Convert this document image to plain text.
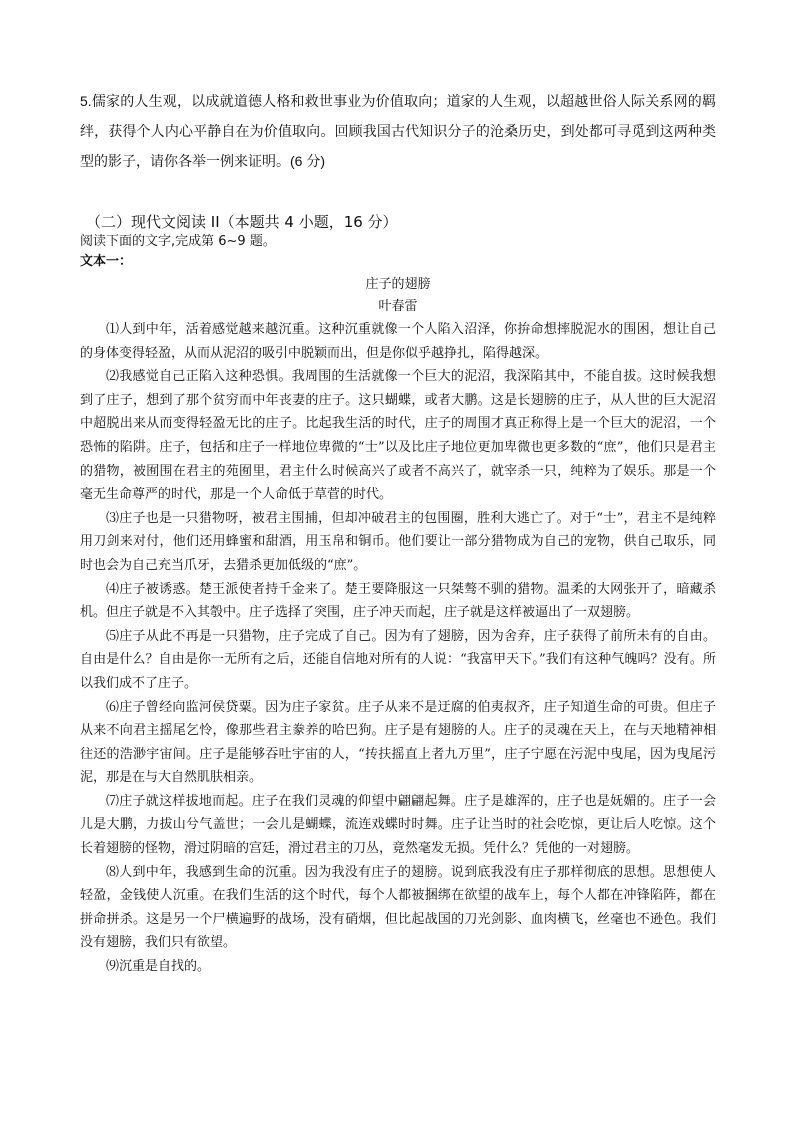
5.儒家的人生观，以成就道德人格和救世事业为价值取向；道家的人生观，以超越世俗人际关系网的羁绊，获得个人内心平静自在为价值取向。回顾我国古代知识分子的沧桑历史，到处都可寻觅到这两种类型的影子，请你各举一例来证明。(6 分)

（二）现代文阅读 II（本题共 4 小题，16 分）

阅读下面的文字,完成第 6~9 题。

文本一：

庄子的翅膀

叶春雷

⑴人到中年，活着感觉越来越沉重。这种沉重就像一个人陷入沼泽，你拚命想摔脱泥水的围困，想让自己的身体变得轻盈，从而从泥沼的吸引中脱颖而出，但是你似乎越挣扎，陷得越深。

⑵我感觉自己正陷入这种恐惧。我周围的生活就像一个巨大的泥沼，我深陷其中，不能自拔。这时候我想到了庄子，想到了那个贫穷而中年丧妻的庄子。这只蝴蝶，或者大鹏。这是长翅膀的庄子，从人世的巨大泥沼中超脱出来从而变得轻盈无比的庄子。比起我生活的时代，庄子的周围才真正称得上是一个巨大的泥沼，一个恐怖的陷阱。庄子，包括和庄子一样地位卑微的“士”以及比庄子地位更加卑微也更多数的“庶”，他们只是君主的猎物，被囿围在君主的苑囿里，君主什么时候高兴了或者不高兴了，就宰杀一只，纯粹为了娱乐。那是一个毫无生命尊严的时代，那是一个人命低于草菅的时代。

⑶庄子也是一只猎物呀，被君主围捕，但却冲破君主的包围圈，胜利大逃亡了。对于“士”，君主不是纯粹用刀剑来对付，他们还用蜂蜜和甜酒，用玉帛和铜币。他们要让一部分猎物成为自己的宠物，供自己取乐，同时也会为自己充当爪牙，去猎杀更加低级的“庶”。

⑷庄子被诱惑。楚王派使者持千金来了。楚王要降服这一只桀骜不驯的猎物。温柔的大网张开了，暗藏杀机。但庄子就是不入其彀中。庄子选择了突围，庄子冲天而起，庄子就是这样被逼出了一双翅膀。

⑸庄子从此不再是一只猎物，庄子完成了自己。因为有了翅膀，因为舍弃，庄子获得了前所未有的自由。自由是什么？自由是你一无所有之后，还能自信地对所有的人说：“我富甲天下。”我们有这种气魄吗？没有。所以我们成不了庄子。

⑹庄子曾经向监河侯贷粟。因为庄子家贫。庄子从来不是迂腐的伯夷叔齐，庄子知道生命的可贵。但庄子从来不向君主摇尾乞怜，像那些君主豢养的哈巴狗。庄子是有翅膀的人。庄子的灵魂在天上，在与天地精神相往还的浩渺宇宙间。庄子是能够吞吐宇宙的人，“抟扶摇直上者九万里”，庄子宁愿在污泥中曳尾，因为曳尾污泥，那是在与大自然肌肤相亲。

⑺庄子就这样拔地而起。庄子在我们灵魂的仰望中翩翩起舞。庄子是雄浑的，庄子也是妩媚的。庄子一会儿是大鹏，力拔山兮气盖世；一会儿是蝴蝶，流连戏蝶时时舞。庄子让当时的社会吃惊，更让后人吃惊。这个长着翅膀的怪物，滑过阴暗的宫廷，滑过君主的刀丛，竟然毫发无损。凭什么？凭他的一对翅膀。

⑻人到中年，我感到生命的沉重。因为我没有庄子的翅膀。说到底我没有庄子那样彻底的思想。思想使人轻盈，金钱使人沉重。在我们生活的这个时代，每个人都被捆绑在欲望的战车上，每个人都在冲锋陷阵，都在拼命拼杀。这是另一个尸横遍野的战场，没有硝烟，但比起战国的刀光剑影、血肉横飞，丝毫也不逊色。我们没有翅膀，我们只有欲望。

⑼沉重是自找的。
